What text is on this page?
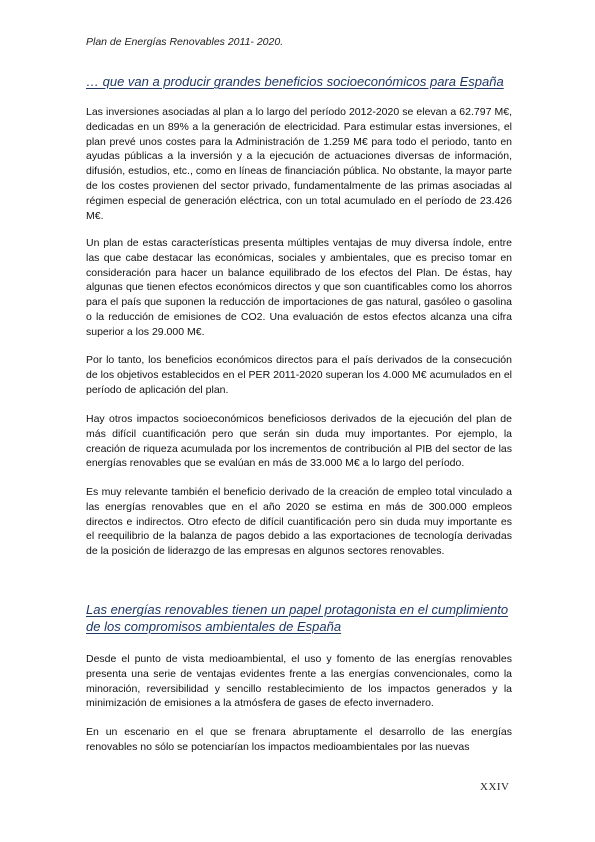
Plan de Energías Renovables 2011- 2020.
… que van a producir grandes beneficios socioeconómicos para España

Las inversiones asociadas al plan a lo largo del período 2012-2020 se elevan a 62.797 M€, dedicadas en un 89% a la generación de electricidad. Para estimular estas inversiones, el plan prevé unos costes para la Administración de 1.259 M€ para todo el periodo, tanto en ayudas públicas a la inversión y a la ejecución de actuaciones diversas de información, difusión, estudios, etc., como en líneas de financiación pública. No obstante, la mayor parte de los costes provienen del sector privado, fundamentalmente de las primas asociadas al régimen especial de generación eléctrica, con un total acumulado en el período de 23.426 M€.

Un plan de estas características presenta múltiples ventajas de muy diversa índole, entre las que cabe destacar las económicas, sociales y ambientales, que es preciso tomar en consideración para hacer un balance equilibrado de los efectos del Plan. De éstas, hay algunas que tienen efectos económicos directos y que son cuantificables como los ahorros para el país que suponen la reducción de importaciones de gas natural, gasóleo o gasolina o la reducción de emisiones de CO2. Una evaluación de estos efectos alcanza una cifra superior a los 29.000 M€.

Por lo tanto, los beneficios económicos directos para el país derivados de la consecución de los objetivos establecidos en el PER 2011-2020 superan los 4.000 M€ acumulados en el período de aplicación del plan.

Hay otros impactos socioeconómicos beneficiosos derivados de la ejecución del plan de más difícil cuantificación pero que serán sin duda muy importantes. Por ejemplo, la creación de riqueza acumulada por los incrementos de contribución al PIB del sector de las energías renovables que se evalúan en más de 33.000 M€ a lo largo del período.

Es muy relevante también el beneficio derivado de la creación de empleo total vinculado a las energías renovables que en el año 2020 se estima en más de 300.000 empleos directos e indirectos. Otro efecto de difícil cuantificación pero sin duda muy importante es el reequilibrio de la balanza de pagos debido a las exportaciones de tecnología derivadas de la posición de liderazgo de las empresas en algunos sectores renovables.

Las energías renovables tienen un papel protagonista en el cumplimiento de los compromisos ambientales de España

Desde el punto de vista medioambiental, el uso y fomento de las energías renovables presenta una serie de ventajas evidentes frente a las energías convencionales, como la minoración, reversibilidad y sencillo restablecimiento de los impactos generados y la minimización de emisiones a la atmósfera de gases de efecto invernadero.

En un escenario en el que se frenara abruptamente el desarrollo de las energías renovables no sólo se potenciarían los impactos medioambientales por las nuevas

XXIV
